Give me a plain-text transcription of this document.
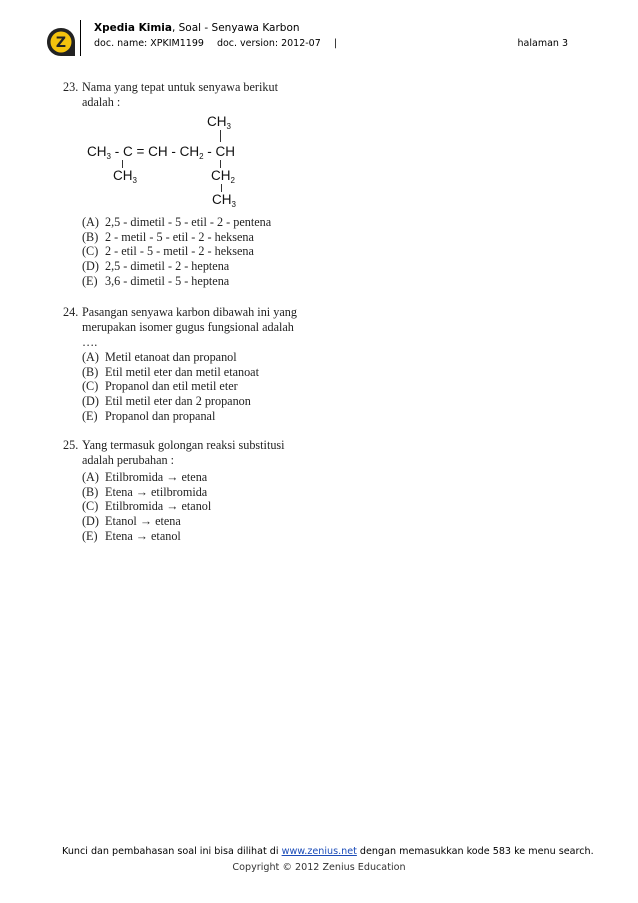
Z
Xpedia Kimia, Soal - Senyawa Karbon
doc. name: XPKIM1199 doc. version: 2012-07 |	halaman 3
23. Nama yang tepat untuk senyawa berikut adalah :
(A) 2,5 - dimetil - 5 - etil - 2 - pentena
(B) 2 - metil - 5 - etil - 2 - heksena
(C) 2 - etil - 5 - metil - 2 - heksena
(D) 2,5 - dimetil - 2 - heptena
(E) 3,6 - dimetil - 5 - heptena
$CH_3$
$CH_3$ - C = CH - $CH_2$ - CH
$CH_3$	$CH_2$
$CH_3$
24. Pasangan senyawa karbon dibawah ini yang merupakan isomer gugus fungsional adalah ….
(A) Metil etanoat dan propanol
(B) Etil metil eter dan metil etanoat
(C) Propanol dan etil metil eter
(D) Etil metil eter dan 2 propanon
(E) Propanol dan propanal
25. Yang termasuk golongan reaksi substitusi adalah perubahan :
(A) Etilbromida → etena
(B) Etena → etilbromida
(C) Etilbromida → etanol
(D) Etanol → etena
(E) Etena → etanol
Kunci dan pembahasan soal ini bisa dilihat di www.zenius.net dengan memasukkan kode 583 ke menu search.
Copyright © 2012 Zenius Education
